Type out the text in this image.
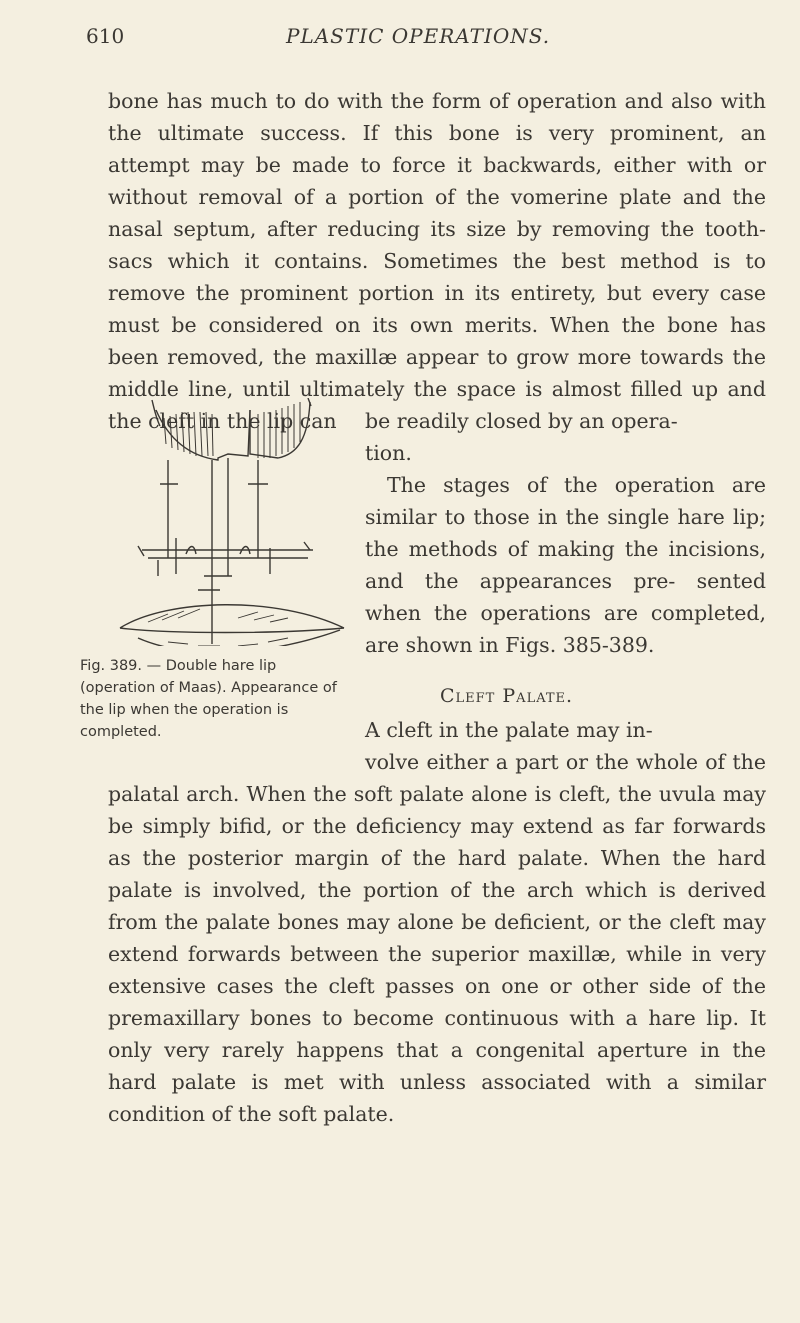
610	PLASTIC OPERATIONS.

bone has much to do with the form of operation and also with the ultimate success. If this bone is very prominent, an attempt may be made to force it backwards, either with or without removal of a portion of the vomerine plate and the nasal septum, after reducing its size by removing the tooth-sacs which it contains. Sometimes the best method is to remove the prominent portion in its entirety, but every case must be considered on its own merits. When the bone has been removed, the maxillæ appear to grow more towards the middle line, until ultimately the space is almost filled up and the cleft in the lip can	be readily closed by an opera-
tion.
The stages of the operation are similar to those in the single hare lip; the methods of making the incisions, and the appearances pre- sented when the operations are completed, are shown in Figs. 385-389.

Fig. 389. — Double hare lip (operation of Maas). Appearance of the lip when the operation is completed.

Cleft Palate.
A cleft in the palate may in-

volve either a part or the whole of the palatal arch. When the soft palate alone is cleft, the uvula may be simply bifid, or the deficiency may extend as far forwards as the posterior margin of the hard palate. When the hard palate is involved, the portion of the arch which is derived from the palate bones may alone be deficient, or the cleft may extend forwards between the superior maxillæ, while in very extensive cases the cleft passes on one or other side of the premaxillary bones to become continuous with a hare lip. It only very rarely happens that a congenital aperture in the hard palate is met with unless associated with a similar condition of the soft palate.
